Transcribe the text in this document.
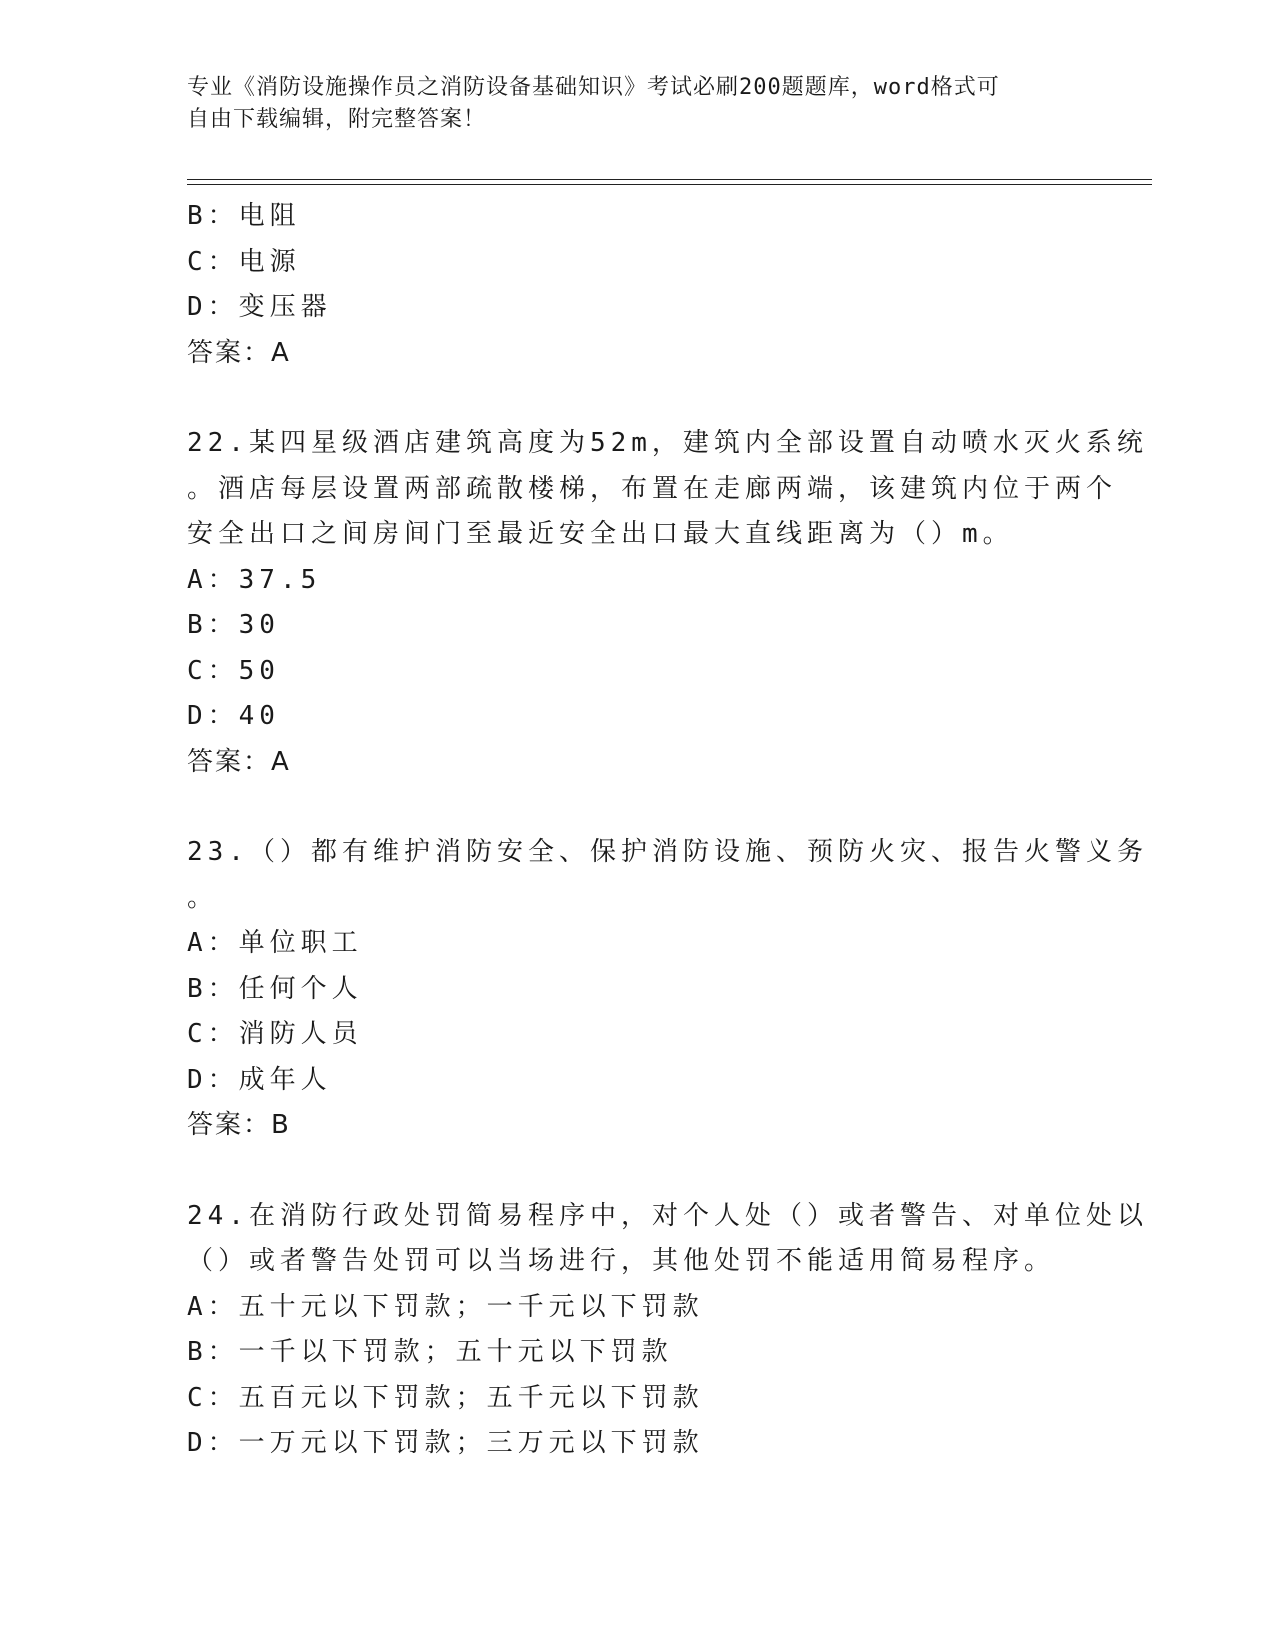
专业《消防设施操作员之消防设备基础知识》考试必刷200题题库，word格式可
自由下载编辑，附完整答案！
B：电阻
C：电源
D：变压器
答案：A
22.某四星级酒店建筑高度为52m，建筑内全部设置自动喷水灭火系统
。酒店每层设置两部疏散楼梯，布置在走廊两端，该建筑内位于两个
安全出口之间房间门至最近安全出口最大直线距离为（）m。
A：37.5
B：30
C：50
D：40
答案：A
23.（）都有维护消防安全、保护消防设施、预防火灾、报告火警义务
。
A：单位职工
B：任何个人
C：消防人员
D：成年人
答案：B
24.在消防行政处罚简易程序中，对个人处（）或者警告、对单位处以
（）或者警告处罚可以当场进行，其他处罚不能适用简易程序。
A：五十元以下罚款；一千元以下罚款
B：一千以下罚款；五十元以下罚款
C：五百元以下罚款；五千元以下罚款
D：一万元以下罚款；三万元以下罚款
